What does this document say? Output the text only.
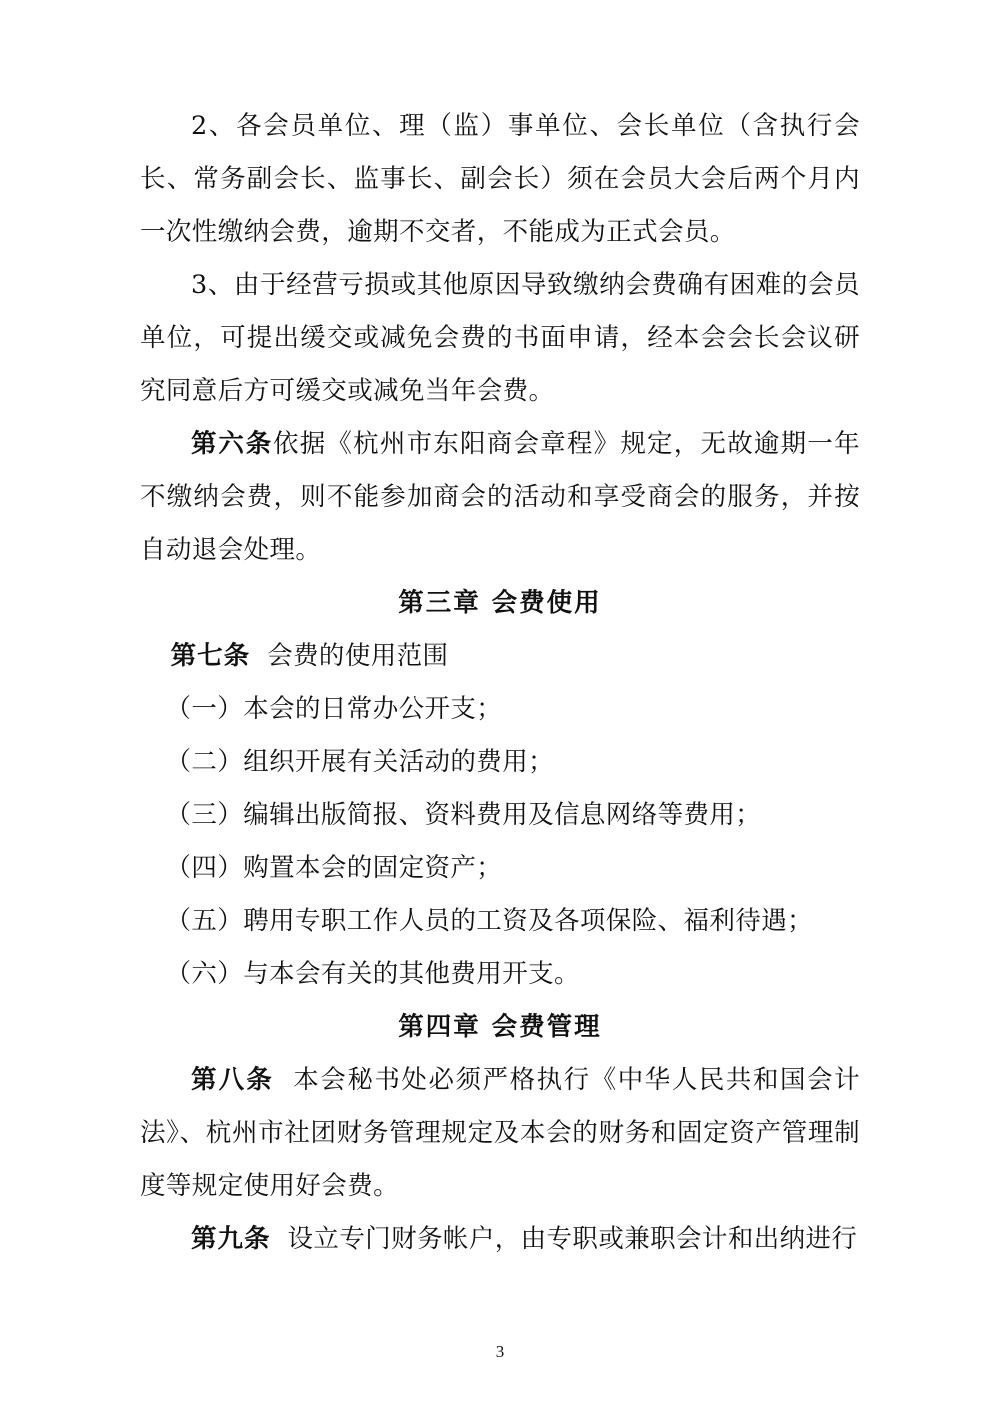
2、各会员单位、理（监）事单位、会长单位（含执行会长、常务副会长、监事长、副会长）须在会员大会后两个月内一次性缴纳会费，逾期不交者，不能成为正式会员。

3、由于经营亏损或其他原因导致缴纳会费确有困难的会员单位，可提出缓交或减免会费的书面申请，经本会会长会议研究同意后方可缓交或减免当年会费。

第六条依据《杭州市东阳商会章程》规定，无故逾期一年不缴纳会费，则不能参加商会的活动和享受商会的服务，并按自动退会处理。

第三章 会费使用

第七条 会费的使用范围

（一）本会的日常办公开支；

（二）组织开展有关活动的费用；

（三）编辑出版简报、资料费用及信息网络等费用；

（四）购置本会的固定资产；

（五）聘用专职工作人员的工资及各项保险、福利待遇；

（六）与本会有关的其他费用开支。

第四章 会费管理

第八条 本会秘书处必须严格执行《中华人民共和国会计法》、杭州市社团财务管理规定及本会的财务和固定资产管理制度等规定使用好会费。

第九条 设立专门财务帐户，由专职或兼职会计和出纳进行

3
